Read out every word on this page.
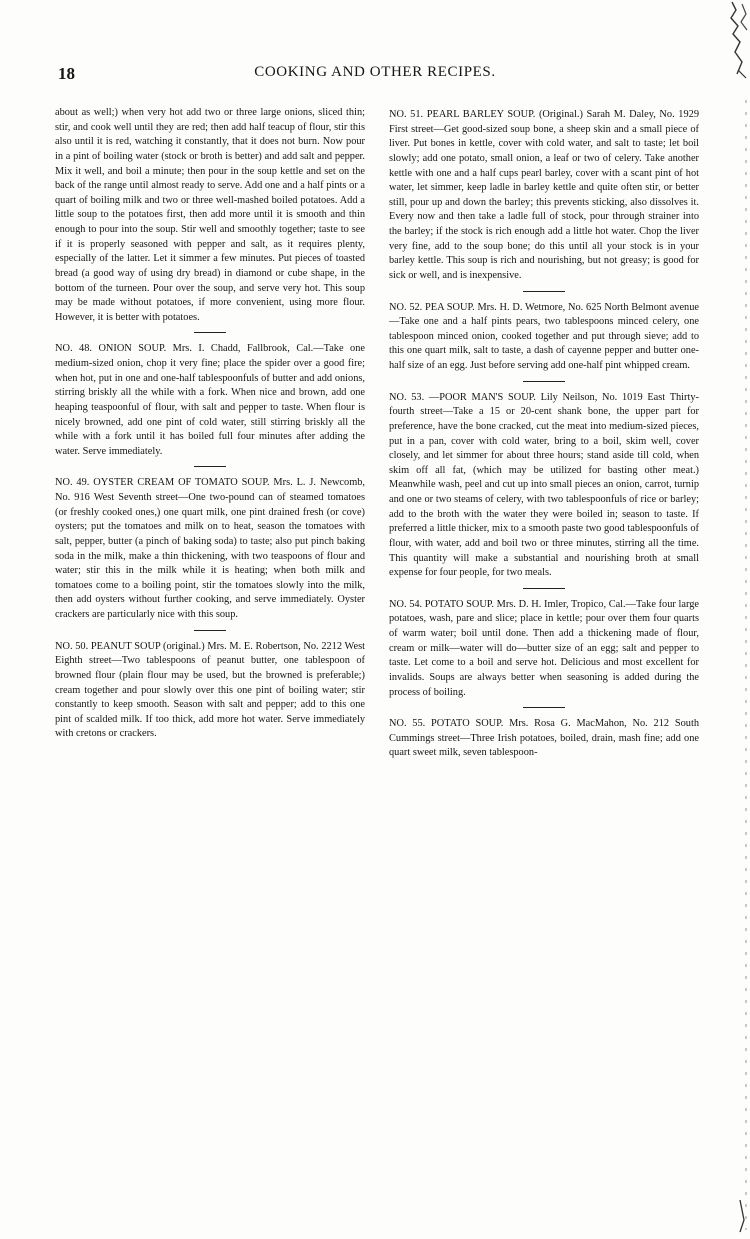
18	COOKING AND OTHER RECIPES.

about as well;) when very hot add two or three large onions, sliced thin; stir, and cook well until they are red; then add half teacup of flour, stir this also until it is red, watching it constantly, that it does not burn. Now pour in a pint of boiling water (stock or broth is better) and add salt and pepper. Mix it well, and boil a minute; then pour in the soup kettle and set on the back of the range until almost ready to serve. Add one and a half pints or a quart of boiling milk and two or three well-mashed boiled potatoes. Add a little soup to the potatoes first, then add more until it is smooth and thin enough to pour into the soup. Stir well and smoothly together; taste to see if it is properly seasoned with pepper and salt, as it requires plenty, especially of the latter. Let it simmer a few minutes. Put pieces of toasted bread (a good way of using dry bread) in diamond or cube shape, in the bottom of the turneen. Pour over the soup, and serve very hot. This soup may be made without potatoes, if more convenient, using more flour. However, it is better with potatoes.

NO. 48. ONION SOUP. Mrs. I. Chadd, Fallbrook, Cal.—Take one medium-sized onion, chop it very fine; place the spider over a good fire; when hot, put in one and one-half tablespoonfuls of butter and add onions, stirring briskly all the while with a fork. When nice and brown, add one heaping teaspoonful of flour, with salt and pepper to taste. When flour is nicely browned, add one pint of cold water, still stirring briskly all the while with a fork until it has boiled full four minutes after adding the water. Serve immediately.

NO. 49. OYSTER CREAM OF TOMATO SOUP. Mrs. L. J. Newcomb, No. 916 West Seventh street—One two-pound can of steamed tomatoes (or freshly cooked ones,) one quart milk, one pint drained fresh (or cove) oysters; put the tomatoes and milk on to heat, season the tomatoes with salt, pepper, butter (a pinch of baking soda) to taste; also put pinch baking soda in the milk, make a thin thickening, with two teaspoons of flour and water; stir this in the milk while it is heating; when both milk and tomatoes come to a boiling point, stir the tomatoes slowly into the milk, then add oysters without further cooking, and serve immediately. Oyster crackers are particularly nice with this soup.

NO. 50. PEANUT SOUP (original.) Mrs. M. E. Robertson, No. 2212 West Eighth street—Two tablespoons of peanut butter, one tablespoon of browned flour (plain flour may be used, but the browned is preferable;) cream together and pour slowly over this one pint of boiling water; stir constantly to keep smooth. Season with salt and pepper; add to this one pint of scalded milk. If too thick, add more hot water. Serve immediately with cretons or crackers.

NO. 51. PEARL BARLEY SOUP. (Original.) Sarah M. Daley, No. 1929 First street—Get good-sized soup bone, a sheep skin and a small piece of liver. Put bones in kettle, cover with cold water, and salt to taste; let boil slowly; add one potato, small onion, a leaf or two of celery. Take another kettle with one and a half cups pearl barley, cover with a scant pint of hot water, let simmer, keep ladle in barley kettle and quite often stir, or better still, pour up and down the barley; this prevents sticking, also dissolves it. Every now and then take a ladle full of stock, pour through strainer into the barley; if the stock is rich enough add a little hot water. Chop the liver very fine, add to the soup bone; do this until all your stock is in your barley kettle. This soup is rich and nourishing, but not greasy; is good for sick or well, and is inexpensive.

NO. 52. PEA SOUP. Mrs. H. D. Wetmore, No. 625 North Belmont avenue—Take one and a half pints pears, two tablespoons minced celery, one tablespoon minced onion, cooked together and put through sieve; add to this one quart milk, salt to taste, a dash of cayenne pepper and butter one-half size of an egg. Just before serving add one-half pint whipped cream.

NO. 53. —POOR MAN'S SOUP. Lily Neilson, No. 1019 East Thirty-fourth street—Take a 15 or 20-cent shank bone, the upper part for preference, have the bone cracked, cut the meat into medium-sized pieces, put in a pan, cover with cold water, bring to a boil, skim well, cover closely, and let simmer for about three hours; stand aside till cold, when skim off all fat, (which may be utilized for basting other meat.) Meanwhile wash, peel and cut up into small pieces an onion, carrot, turnip and one or two steams of celery, with two tablespoonfuls of rice or barley; add to the broth with the water they were boiled in; season to taste. If preferred a little thicker, mix to a smooth paste two good tablespoonfuls of flour, with water, add and boil two or three minutes, stirring all the time. This quantity will make a substantial and nourishing broth at small expense for four people, for two meals.

NO. 54. POTATO SOUP. Mrs. D. H. Imler, Tropico, Cal.—Take four large potatoes, wash, pare and slice; place in kettle; pour over them four quarts of warm water; boil until done. Then add a thickening made of flour, cream or milk—water will do—butter size of an egg; salt and pepper to taste. Let come to a boil and serve hot. Delicious and most excellent for invalids. Soups are always better when seasoning is added during the process of boiling.

NO. 55. POTATO SOUP. Mrs. Rosa G. MacMahon, No. 212 South Cummings street—Three Irish potatoes, boiled, drain, mash fine; add one quart sweet milk, seven tablespoon-
